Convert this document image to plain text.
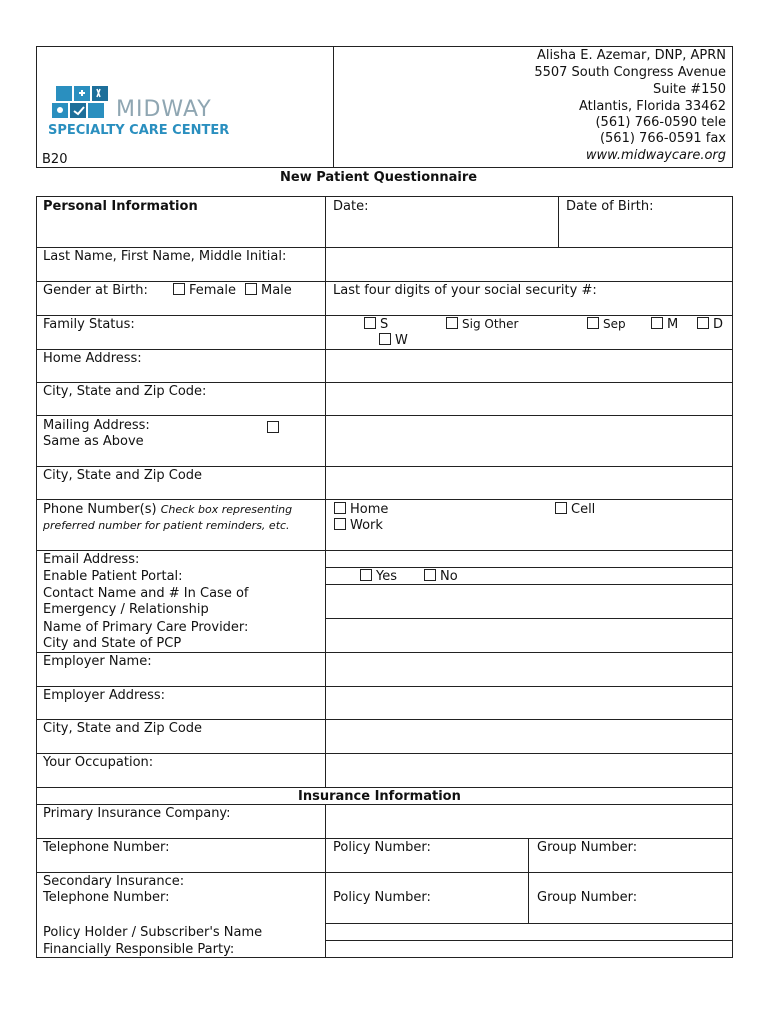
MIDWAY
SPECIALTY CARE CENTER
B20
Alisha E. Azemar, DNP, APRN
5507 South Congress Avenue
Suite #150
Atlantis, Florida 33462
(561) 766-0590 tele
(561) 766-0591 fax
www.midwaycare.org
New Patient Questionnaire
Personal Information	Date:	Date of Birth:
Last Name, First Name, Middle Initial:
Gender at Birth:	Female	Male	Last four digits of your social security #:
Family Status:	S	Sig Other	Sep	M	D
W
Home Address:
City, State and Zip Code:
Mailing Address:
Same as Above
City, State and Zip Code
Phone Number(s) Check box representing
preferred number for patient reminders, etc.
Home	Cell
Work
Email Address:
Enable Patient Portal:	Yes	No
Contact Name and # In Case of
Emergency / Relationship
Name of Primary Care Provider:
City and State of PCP
Employer Name:
Employer Address:
City, State and Zip Code
Your Occupation:
Insurance Information
Primary Insurance Company:
Telephone Number:	Policy Number:	Group Number:
Secondary Insurance:
Telephone Number:	Policy Number:	Group Number:
Policy Holder / Subscriber's Name
Financially Responsible Party:
